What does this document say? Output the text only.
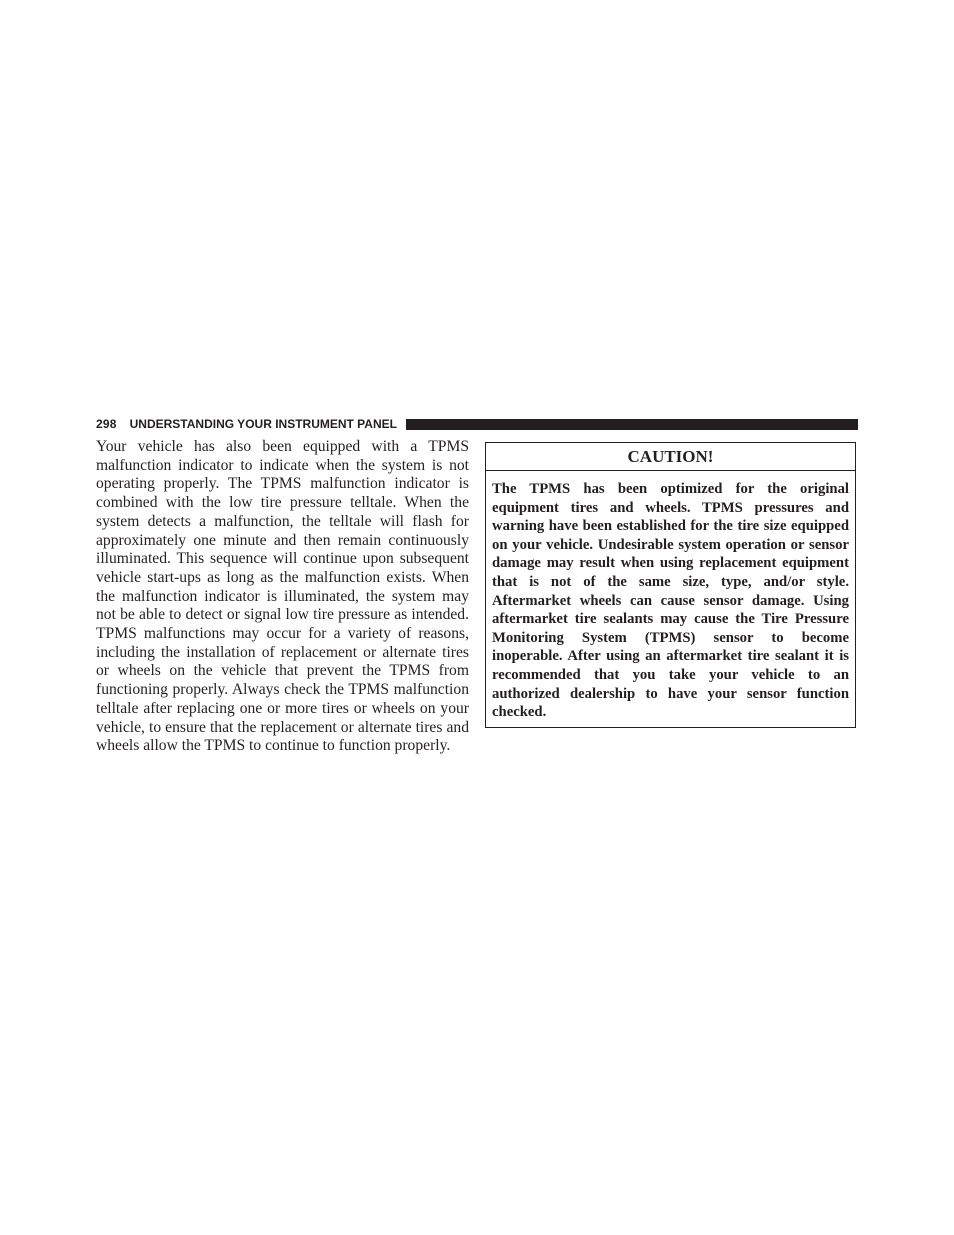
298 UNDERSTANDING YOUR INSTRUMENT PANEL

Your vehicle has also been equipped with a TPMS malfunction indicator to indicate when the system is not operating properly. The TPMS malfunction indicator is combined with the low tire pressure telltale. When the system detects a malfunction, the telltale will flash for approximately one minute and then remain continuously illuminated. This sequence will continue upon subsequent vehicle start-ups as long as the malfunction exists. When the malfunction indicator is illuminated, the system may not be able to detect or signal low tire pressure as intended. TPMS malfunctions may occur for a variety of reasons, including the installation of replacement or alternate tires or wheels on the vehicle that prevent the TPMS from functioning properly. Always check the TPMS malfunction telltale after replacing one or more tires or wheels on your vehicle, to ensure that the replacement or alternate tires and wheels allow the TPMS to continue to function properly.

CAUTION!

The TPMS has been optimized for the original equipment tires and wheels. TPMS pressures and warning have been established for the tire size equipped on your vehicle. Undesirable system operation or sensor damage may result when using replacement equipment that is not of the same size, type, and/or style. Aftermarket wheels can cause sensor damage. Using aftermarket tire sealants may cause the Tire Pressure Monitoring System (TPMS) sensor to become inoperable. After using an aftermarket tire sealant it is recommended that you take your vehicle to an authorized dealership to have your sensor function checked.
